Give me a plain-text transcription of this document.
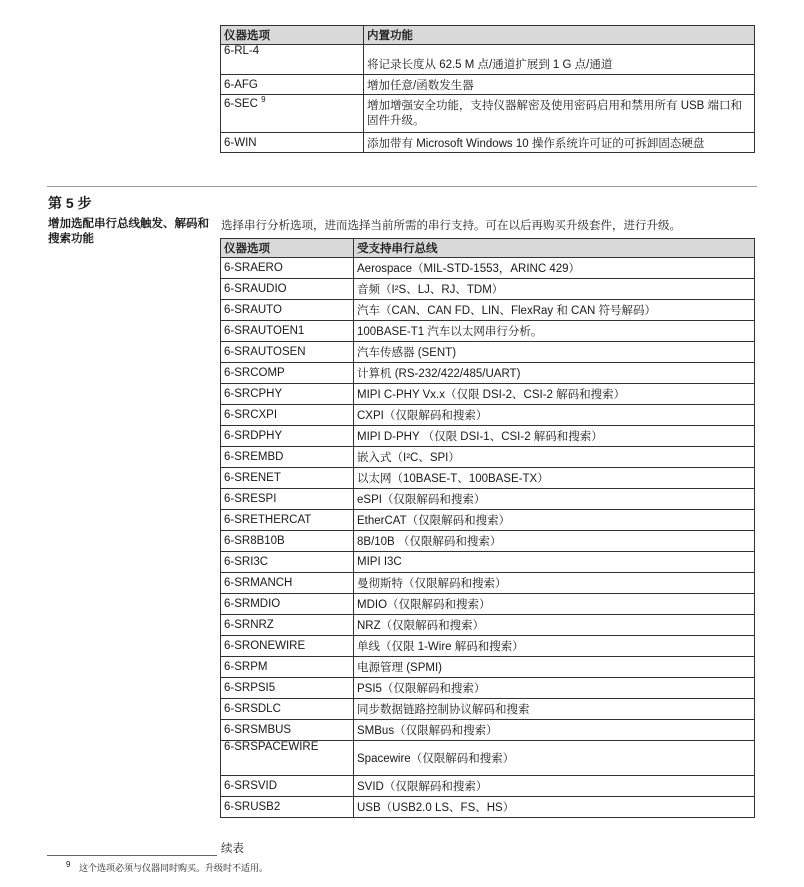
仪器选项	内置功能
6-RL-4	将记录长度从 62.5 M 点/通道扩展到 1 G 点/通道
6-AFG	增加任意/函数发生器
6-SEC $^9$	增加增强安全功能，支持仪器解密及使用密码启用和禁用所有 USB 端口和固件升级。
6-WIN	添加带有 Microsoft Windows 10 操作系统许可证的可拆卸固态硬盘
第 5 步
增加选配串行总线触发、解码和搜索功能
选择串行分析选项，进而选择当前所需的串行支持。可在以后再购买升级套件，进行升级。
仪器选项	受支持串行总线
6-SRAERO	Aerospace（MIL-STD-1553，ARINC 429）
6-SRAUDIO	音频（I²S、LJ、RJ、TDM）
6-SRAUTO	汽车（CAN、CAN FD、LIN、FlexRay 和 CAN 符号解码）
6-SRAUTOEN1	100BASE-T1 汽车以太网串行分析。
6-SRAUTOSEN	汽车传感器 (SENT)
6-SRCOMP	计算机 (RS-232/422/485/UART)
6-SRCPHY	MIPI C-PHY Vx.x（仅限 DSI-2、CSI-2 解码和搜索）
6-SRCXPI	CXPI（仅限解码和搜索）
6-SRDPHY	MIPI D-PHY （仅限 DSI-1、CSI-2 解码和搜索）
6-SREMBD	嵌入式（I²C、SPI）
6-SRENET	以太网（10BASE-T、100BASE-TX）
6-SRESPI	eSPI（仅限解码和搜索）
6-SRETHERCAT	EtherCAT（仅限解码和搜索）
6-SR8B10B	8B/10B （仅限解码和搜索）
6-SRI3C	MIPI I3C
6-SRMANCH	曼彻斯特（仅限解码和搜索）
6-SRMDIO	MDIO（仅限解码和搜索）
6-SRNRZ	NRZ（仅限解码和搜索）
6-SRONEWIRE	单线（仅限 1-Wire 解码和搜索）
6-SRPM	电源管理 (SPMI)
6-SRPSI5	PSI5（仅限解码和搜索）
6-SRSDLC	同步数据链路控制协议解码和搜索
6-SRSMBUS	SMBus（仅限解码和搜索）
6-SRSPACEWIRE	Spacewire（仅限解码和搜索）
6-SRSVID	SVID（仅限解码和搜索）
6-SRUSB2	USB（USB2.0 LS、FS、HS）
续表
$^9$ 这个选项必须与仪器同时购买。升级时不适用。
